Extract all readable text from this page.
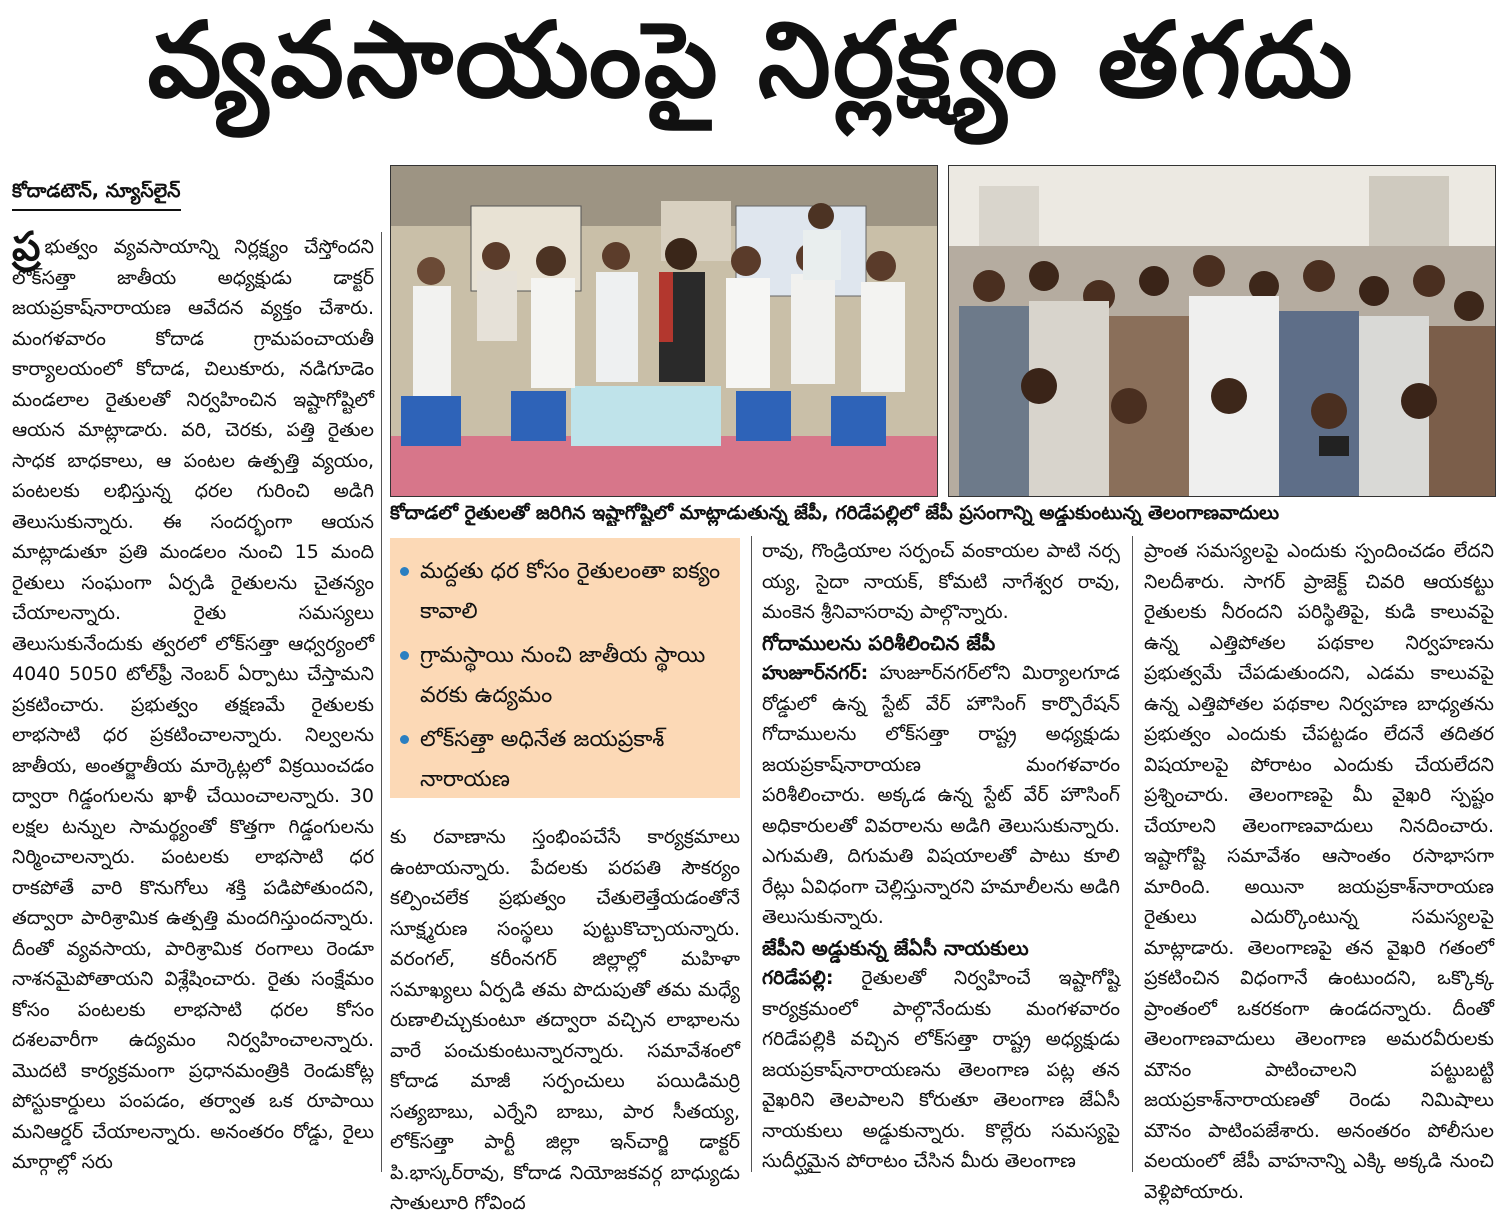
వ్యవసాయంపై నిర్లక్ష్యం తగదు
కోదాడటౌన్, న్యూస్‌లైన్
కోదాడలో రైతులతో జరిగిన ఇష్టాగోష్టిలో మాట్లాడుతున్న జేపీ, గరిడేపల్లిలో జేపీ ప్రసంగాన్ని అడ్డుకుంటున్న తెలంగాణవాదులు
మద్దతు ధర కోసం రైతులంతా ఐక్యం కావాలి
గ్రామస్థాయి నుంచి జాతీయ స్థాయి వరకు ఉద్యమం
లోక్‌సత్తా అధినేత జయప్రకాశ్ నారాయణ

ప్ర భుత్వం వ్యవసాయాన్ని నిర్లక్ష్యం చేస్తోందని లోక్‌సత్తా జాతీయ అధ్యక్షుడు డాక్టర్ జయప్రకాష్‌నారాయణ ఆవేదన వ్యక్తం చేశారు. మంగళవారం కోదాడ గ్రామపంచాయతీ కార్యాలయంలో కోదాడ, చిలుకూరు, నడిగూడెం మండలాల రైతులతో నిర్వహించిన ఇష్టాగోష్టిలో ఆయన మాట్లాడారు. వరి, చెరకు, పత్తి రైతుల సాధక బాధకాలు, ఆ పంటల ఉత్పత్తి వ్యయం, పంటలకు లభిస్తున్న ధరల గురించి అడిగి తెలుసుకున్నారు. ఈ సందర్భంగా ఆయన మాట్లాడుతూ ప్రతి మండలం నుంచి 15 మంది రైతులు సంఘంగా ఏర్పడి రైతులను చైతన్యం చేయాలన్నారు. రైతు సమస్యలు తెలుసుకునేందుకు త్వరలో లోక్‌సత్తా ఆధ్వర్యంలో 4040 5050 టోల్‌ఫ్రీ నెంబర్ ఏర్పాటు చేస్తామని ప్రకటించారు. ప్రభుత్వం తక్షణమే రైతులకు లాభసాటి ధర ప్రకటించాలన్నారు. నిల్వలను జాతీయ, అంతర్జాతీయ మార్కెట్లలో విక్రయించడం ద్వారా గిడ్డంగులను ఖాళీ చేయించాలన్నారు. 30 లక్షల టన్నుల సామర్థ్యంతో కొత్తగా గిడ్డంగులను నిర్మించాలన్నారు. పంటలకు లాభసాటి ధర రాకపోతే వారి కొనుగోలు శక్తి పడిపోతుందని, తద్వారా పారిశ్రామిక ఉత్పత్తి మందగిస్తుందన్నారు. దీంతో వ్యవసాయ, పారిశ్రామిక రంగాలు రెండూ నాశనమైపోతాయని విశ్లేషించారు. రైతు సంక్షేమం కోసం పంటలకు లాభసాటి ధరల కోసం దశలవారీగా ఉద్యమం నిర్వహించాలన్నారు. మొదటి కార్యక్రమంగా ప్రధానమంత్రికి రెండుకోట్ల పోస్టుకార్డులు పంపడం, తర్వాత ఒక రూపాయి మనిఆర్డర్ చేయాలన్నారు. అనంతరం రోడ్డు, రైలు మార్గాల్లో సరు

కు రవాణాను స్తంభింపచేసే కార్యక్రమాలు ఉంటాయన్నారు. పేదలకు పరపతి సౌకర్యం కల్పించలేక ప్రభుత్వం చేతులెత్తేయడంతోనే సూక్ష్మరుణ సంస్థలు పుట్టుకొచ్చాయన్నారు. వరంగల్, కరీంనగర్ జిల్లాల్లో మహిళా సమాఖ్యలు ఏర్పడి తమ పొదుపుతో తమ మధ్యే రుణాలిచ్చుకుంటూ తద్వారా వచ్చిన లాభాలను వారే పంచుకుంటున్నారన్నారు. సమావేశంలో కోదాడ మాజీ సర్పంచులు పయిడిమర్రి సత్యబాబు, ఎర్నేని బాబు, పార సీతయ్య, లోక్‌సత్తా పార్టీ జిల్లా ఇన్‌చార్జి డాక్టర్ పి.భాస్కర్‌రావు, కోదాడ నియోజకవర్గ బాధ్యుడు సాతులూరి గోవింద

రావు, గొండ్రియాల సర్పంచ్ వంకాయల పాటి నర్స య్య, సైదా నాయక్, కోమటి నాగేశ్వర రావు, మంకెన శ్రీనివాసరావు పాల్గొన్నారు.

గోదాములను పరిశీలించిన జేపీ

హుజూర్‌నగర్: హుజూర్‌నగర్‌లోని మిర్యాలగూడ రోడ్డులో ఉన్న స్టేట్ వేర్ హౌసింగ్ కార్పొరేషన్ గోదాములను లోక్‌సత్తా రాష్ట్ర అధ్యక్షుడు జయప్రకాష్‌నారాయణ మంగళవారం పరిశీలించారు. అక్కడ ఉన్న స్టేట్ వేర్ హౌసింగ్ అధికారులతో వివరాలను అడిగి తెలుసుకున్నారు. ఎగుమతి, దిగుమతి విషయాలతో పాటు కూలి రేట్లు ఏవిధంగా చెల్లిస్తున్నారని హమాలీలను అడిగి తెలుసుకున్నారు.

జేపీని అడ్డుకున్న జేఏసీ నాయకులు

గరిడేపల్లి: రైతులతో నిర్వహించే ఇష్టాగోష్టి కార్యక్రమంలో పాల్గొనేందుకు మంగళవారం గరిడేపల్లికి వచ్చిన లోక్‌సత్తా రాష్ట్ర అధ్యక్షుడు జయప్రకాష్‌నారాయణను తెలంగాణ పట్ల తన వైఖరిని తెలపాలని కోరుతూ తెలంగాణ జేఏసీ నాయకులు అడ్డుకున్నారు. కొల్లేరు సమస్యపై సుదీర్ఘమైన పోరాటం చేసిన మీరు తెలంగాణ

ప్రాంత సమస్యలపై ఎందుకు స్పందించడం లేదని నిలదీశారు. సాగర్ ప్రాజెక్ట్ చివరి ఆయకట్టు రైతులకు నీరందని పరిస్థితిపై, కుడి కాలువపై ఉన్న ఎత్తిపోతల పథకాల నిర్వహణను ప్రభుత్వమే చేపడుతుందని, ఎడమ కాలువపై ఉన్న ఎత్తిపోతల పథకాల నిర్వహణ బాధ్యతను ప్రభుత్వం ఎందుకు చేపట్టడం లేదనే తదితర విషయాలపై పోరాటం ఎందుకు చేయలేదని ప్రశ్నించారు. తెలంగాణపై మీ వైఖరి స్పష్టం చేయాలని తెలంగాణవాదులు నినదించారు. ఇష్టాగోష్టి సమావేశం ఆసాంతం రసాభాసగా మారింది. అయినా జయప్రకాశ్‌నారాయణ రైతులు ఎదుర్కొంటున్న సమస్యలపై మాట్లాడారు. తెలంగాణపై తన వైఖరి గతంలో ప్రకటించిన విధంగానే ఉంటుందని, ఒక్కొక్క ప్రాంతంలో ఒకరకంగా ఉండదన్నారు. దీంతో తెలంగాణవాదులు తెలంగాణ అమరవీరులకు మౌనం పాటించాలని పట్టుబట్టి జయప్రకాశ్‌నారాయణతో రెండు నిమిషాలు మౌనం పాటింపజేశారు. అనంతరం పోలీసుల వలయంలో జేపీ వాహనాన్ని ఎక్కి అక్కడి నుంచి వెళ్లిపోయారు.
